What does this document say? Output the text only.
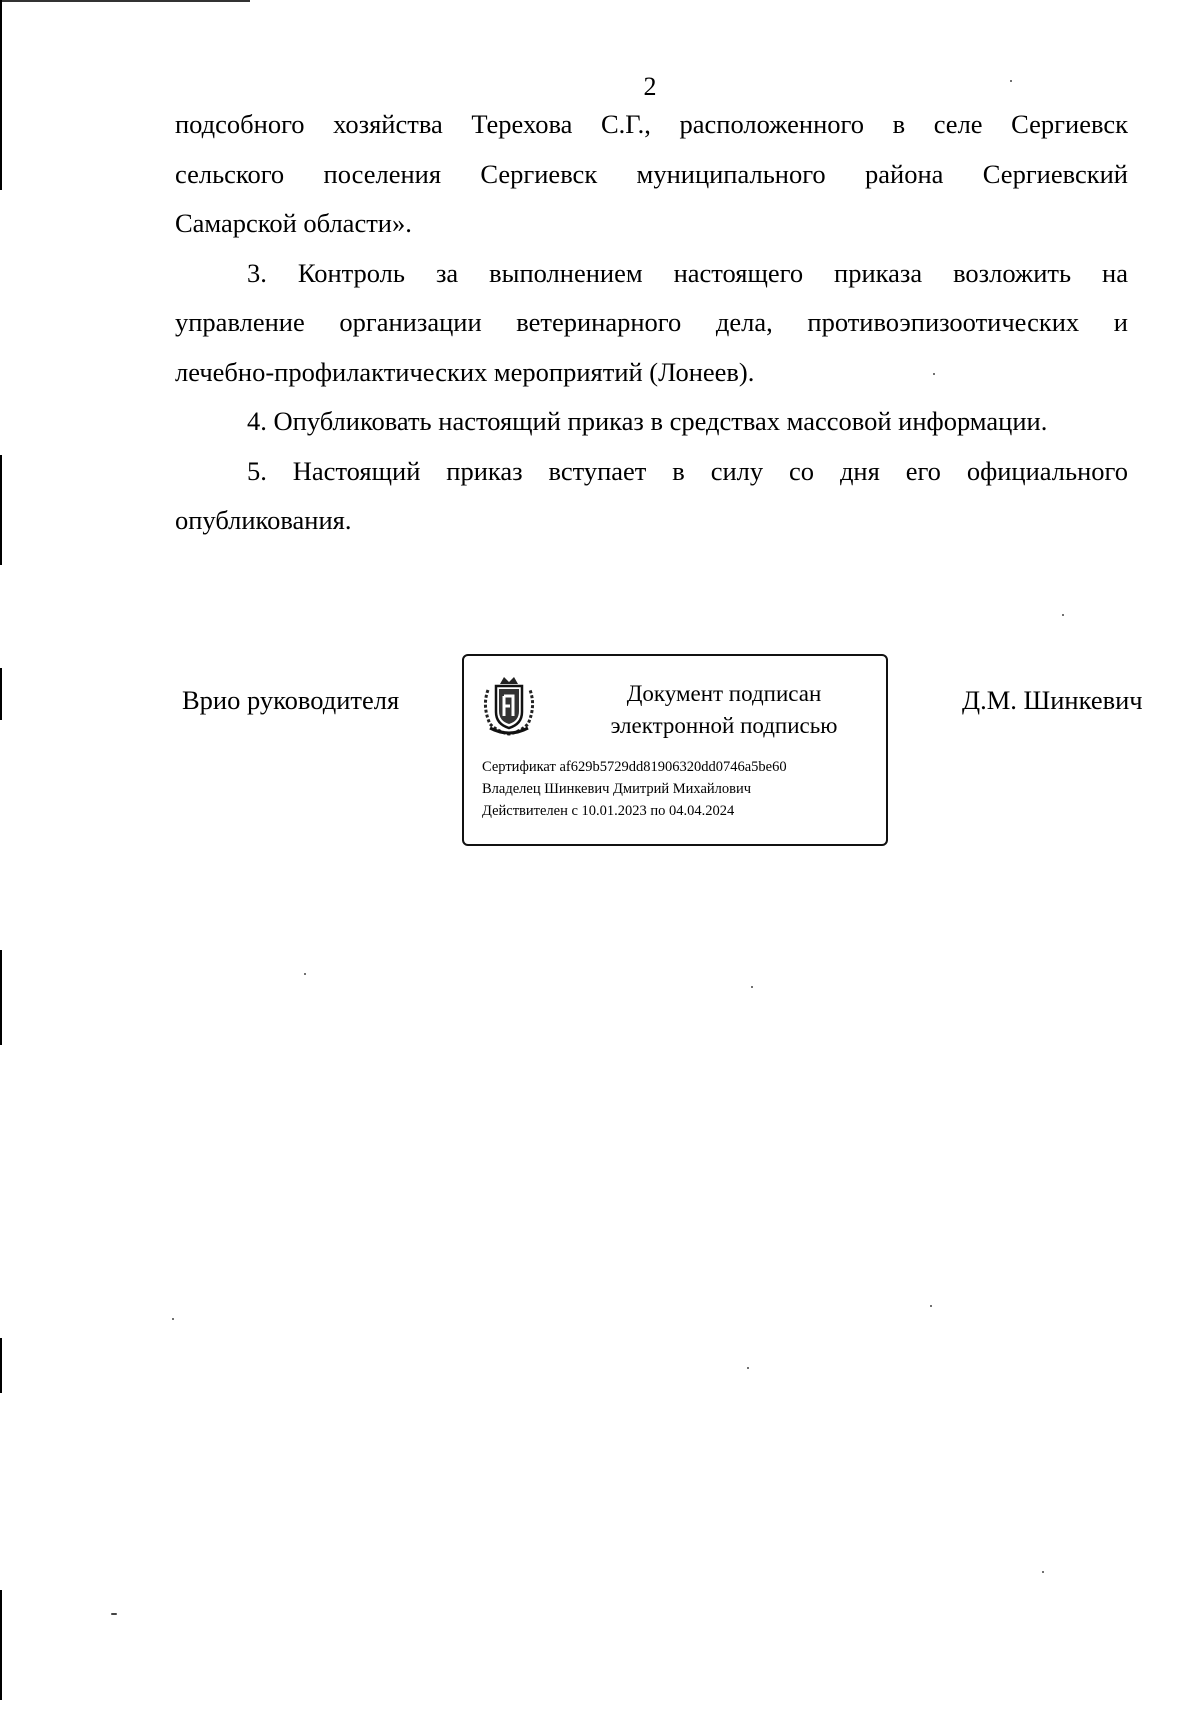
2

подсобного хозяйства Терехова С.Г., расположенного в селе Сергиевск
сельского поселения Сергиевск муниципального района Сергиевский
Самарской области».

3. Контроль за выполнением настоящего приказа возложить на
управление организации ветеринарного дела, противоэпизоотических и
лечебно-профилактических мероприятий (Лонеев).

4. Опубликовать настоящий приказ в средствах массовой информации.

5. Настоящий приказ вступает в силу со дня его официального
опубликования.

Врио руководителя	Документ подписан
электронной подписью
Сертификат af629b5729dd81906320dd0746a5be60
Владелец Шинкевич Дмитрий Михайлович
Действителен с 10.01.2023 по 04.04.2024
Д.М. Шинкевич
